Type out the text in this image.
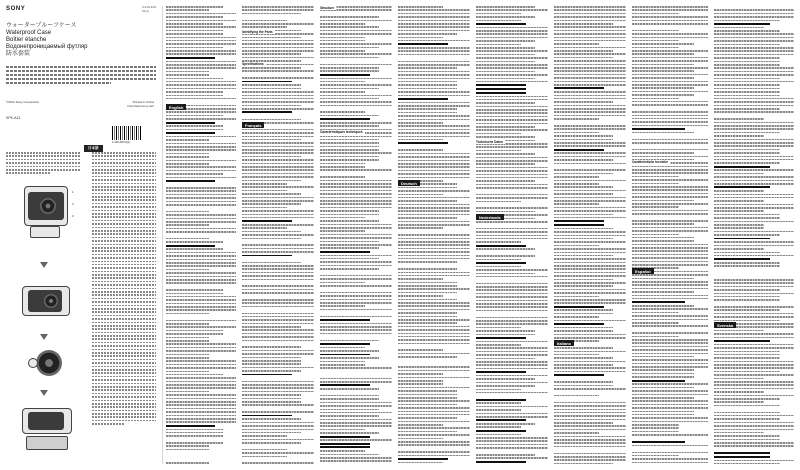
SONY	4-416-326-51(1)
ウォータープルーフケース
Waterproof Case
Boîtier étanche
Водонепроницаемый футляр
防水套装
©2012 Sony Corporation	Printed in China
http://www.sony.net/
SPK-AZ1
4-416-326-51(1)
日本語
1
2
3
English
Identifying the Parts
Specifications
Français
Structure
Caractéristiques techniques
Deutsch
Technische Daten
Nederlands
Italiano
Caratteristiche tecniche
Español
Svenska
